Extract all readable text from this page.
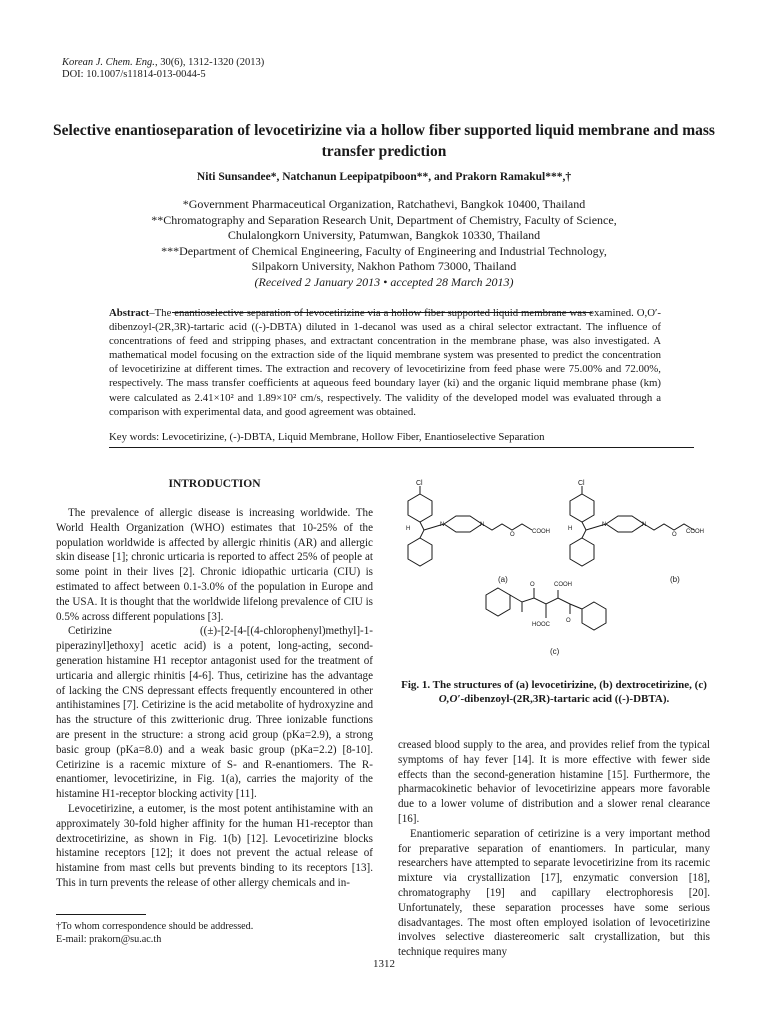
Korean J. Chem. Eng., 30(6), 1312-1320 (2013)
DOI: 10.1007/s11814-013-0044-5
Selective enantioseparation of levocetirizine via a hollow fiber supported liquid membrane and mass transfer prediction
Niti Sunsandee*, Natchanun Leepipatpiboon**, and Prakorn Ramakul***,†
*Government Pharmaceutical Organization, Ratchathevi, Bangkok 10400, Thailand
**Chromatography and Separation Research Unit, Department of Chemistry, Faculty of Science,
Chulalongkorn University, Patumwan, Bangkok 10330, Thailand
***Department of Chemical Engineering, Faculty of Engineering and Industrial Technology,
Silpakorn University, Nakhon Pathom 73000, Thailand
(Received 2 January 2013 • accepted 28 March 2013)
Abstract–The enantioselective separation of levocetirizine via a hollow fiber supported liquid membrane was examined. O,O′-dibenzoyl-(2R,3R)-tartaric acid ((-)-DBTA) diluted in 1-decanol was used as a chiral selector extractant. The influence of concentrations of feed and stripping phases, and extractant concentration in the membrane phase, was also investigated. A mathematical model focusing on the extraction side of the liquid membrane system was presented to predict the concentration of levocetirizine at different times. The extraction and recovery of levocetirizine from feed phase were 75.00% and 72.00%, respectively. The mass transfer coefficients at aqueous feed boundary layer (ki) and the organic liquid membrane phase (km) were calculated as 2.41×10² and 1.89×10² cm/s, respectively. The validity of the developed model was evaluated through a comparison with experimental data, and good agreement was obtained.
Key words: Levocetirizine, (-)-DBTA, Liquid Membrane, Hollow Fiber, Enantioselective Separation
INTRODUCTION

The prevalence of allergic disease is increasing worldwide. The World Health Organization (WHO) estimates that 10-25% of the population worldwide is affected by allergic rhinitis (AR) and allergic skin disease [1]; chronic urticaria is reported to affect 25% of people at some point in their lives [2]. Chronic idiopathic urticaria (CIU) is estimated to affect between 0.1-3.0% of the population in Europe and the USA. It is thought that the worldwide lifelong prevalence of CIU is 0.5% across different populations [3].

Cetirizine ((±)-[2-[4-[(4-chlorophenyl)methyl]-1-piperazinyl]ethoxy] acetic acid) is a potent, long-acting, second-generation histamine H1 receptor antagonist used for the treatment of urticaria and allergic rhinitis [4-6]. Thus, cetirizine has the advantage of lacking the CNS depressant effects frequently encountered in other antihistamines [7]. Cetirizine is the acid metabolite of hydroxyzine and has the structure of this zwitterionic drug. Three ionizable functions are present in the structure: a strong acid group (pKa=2.9), a strong basic group (pKa=8.0) and a weak basic group (pKa=2.2) [8-10]. Cetirizine is a racemic mixture of S- and R-enantiomers. The R-enantiomer, levocetirizine, in Fig. 1(a), carries the majority of the histamine H1-receptor blocking activity [11].

Levocetirizine, a eutomer, is the most potent antihistamine with an approximately 30-fold higher affinity for the human H1-receptor than dextrocetirizine, as shown in Fig. 1(b) [12]. Levocetirizine blocks histamine receptors [12]; it does not prevent the actual release of histamine from mast cells but prevents binding to its receptors [13]. This in turn prevents the release of other allergy chemicals and in-

†To whom correspondence should be addressed.
E-mail: prakorn@su.ac.th
Cl
H
N	N
O	COOH
(a)
Cl
H
N	N
O COOH
(b)
COOH
HOOC
O
O
(c)
Fig. 1. The structures of (a) levocetirizine, (b) dextrocetirizine, (c) O,O′-dibenzoyl-(2R,3R)-tartaric acid ((-)-DBTA).

creased blood supply to the area, and provides relief from the typical symptoms of hay fever [14]. It is more effective with fewer side effects than the second-generation histamine [15]. Furthermore, the pharmacokinetic behavior of levocetirizine appears more favorable due to a lower volume of distribution and a slower renal clearance [16].

Enantiomeric separation of cetirizine is a very important method for preparative separation of enantiomers. In particular, many researchers have attempted to separate levocetirizine from its racemic mixture via crystallization [17], enzymatic conversion [18], chromatography [19] and capillary electrophoresis [20]. Unfortunately, these separation processes have some serious disadvantages. The most often employed isolation of levocetirizine involves selective diastereomeric salt crystallization, but this technique requires many

1312
